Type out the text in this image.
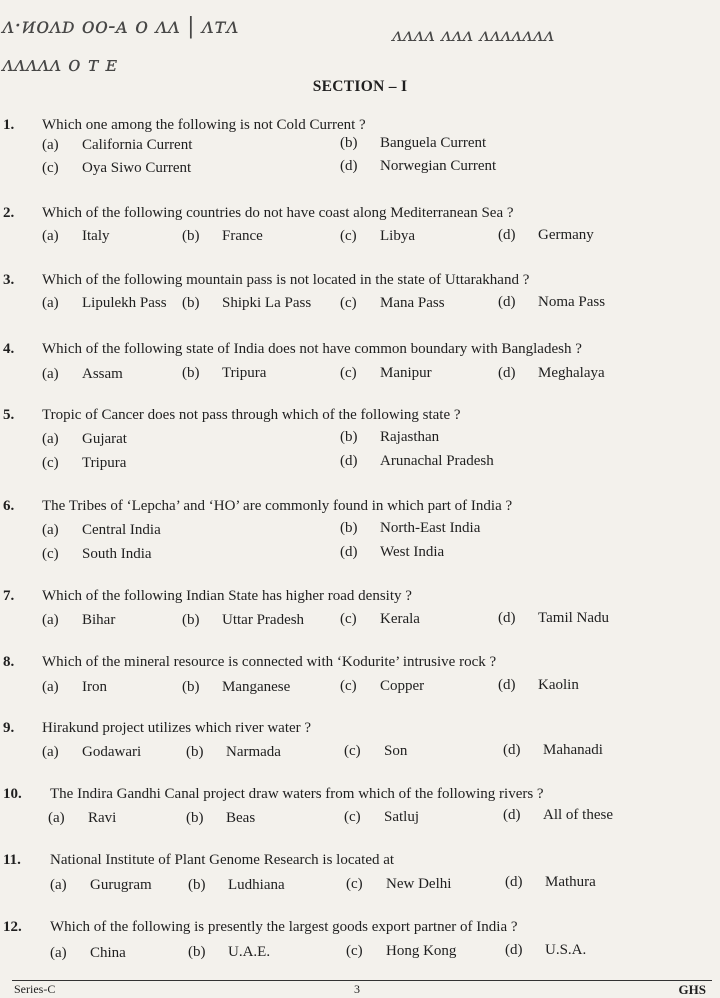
ᴧ·ᴎᴏᴧᴅ ᴏᴏ-ᴀ ᴏ ᴧᴧ | ᴧᴛᴧ
ᴧᴧᴧᴧᴧ ᴏ ᴛ ᴇ
ᴧᴧᴧᴧ ᴧᴧᴧ ᴧᴧᴧᴧᴧᴧᴧ
SECTION – I
1. Which one among the following is not Cold Current ?
(a) California Current	(b) Banguela Current
(c) Oya Siwo Current	(d) Norwegian Current
2. Which of the following countries do not have coast along Mediterranean Sea ?
(a) Italy	(b) France	(c) Libya	(d) Germany
3. Which of the following mountain pass is not located in the state of Uttarakhand ?
(a) Lipulekh Pass (b) Shipki La Pass (c) Mana Pass	(d) Noma Pass
4. Which of the following state of India does not have common boundary with Bangladesh ?
(a) Assam	(b) Tripura	(c) Manipur	(d) Meghalaya
5. Tropic of Cancer does not pass through which of the following state ?
(a) Gujarat	(b) Rajasthan
(c) Tripura	(d) Arunachal Pradesh
6. The Tribes of ‘Lepcha’ and ‘HO’ are commonly found in which part of India ?
(a) Central India	(b) North-East India
(c) South India	(d) West India
7. Which of the following Indian State has higher road density ?
(a) Bihar	(b) Uttar Pradesh (c) Kerala	(d) Tamil Nadu
8. Which of the mineral resource is connected with ‘Kodurite’ intrusive rock ?
(a) Iron	(b) Manganese	(c) Copper	(d) Kaolin
9. Hirakund project utilizes which river water ?
(a) Godawari	(b) Narmada	(c) Son	(d) Mahanadi
10. The Indira Gandhi Canal project draw waters from which of the following rivers ?
(a) Ravi	(b) Beas	(c) Satluj	(d) All of these
11. National Institute of Plant Genome Research is located at
(a) Gurugram (b) Ludhiana	(c) New Delhi	(d) Mathura
12. Which of the following is presently the largest goods export partner of India ?
(a) China	(b) U.A.E.	(c) Hong Kong	(d) U.S.A.
Series-C	3	GHS
